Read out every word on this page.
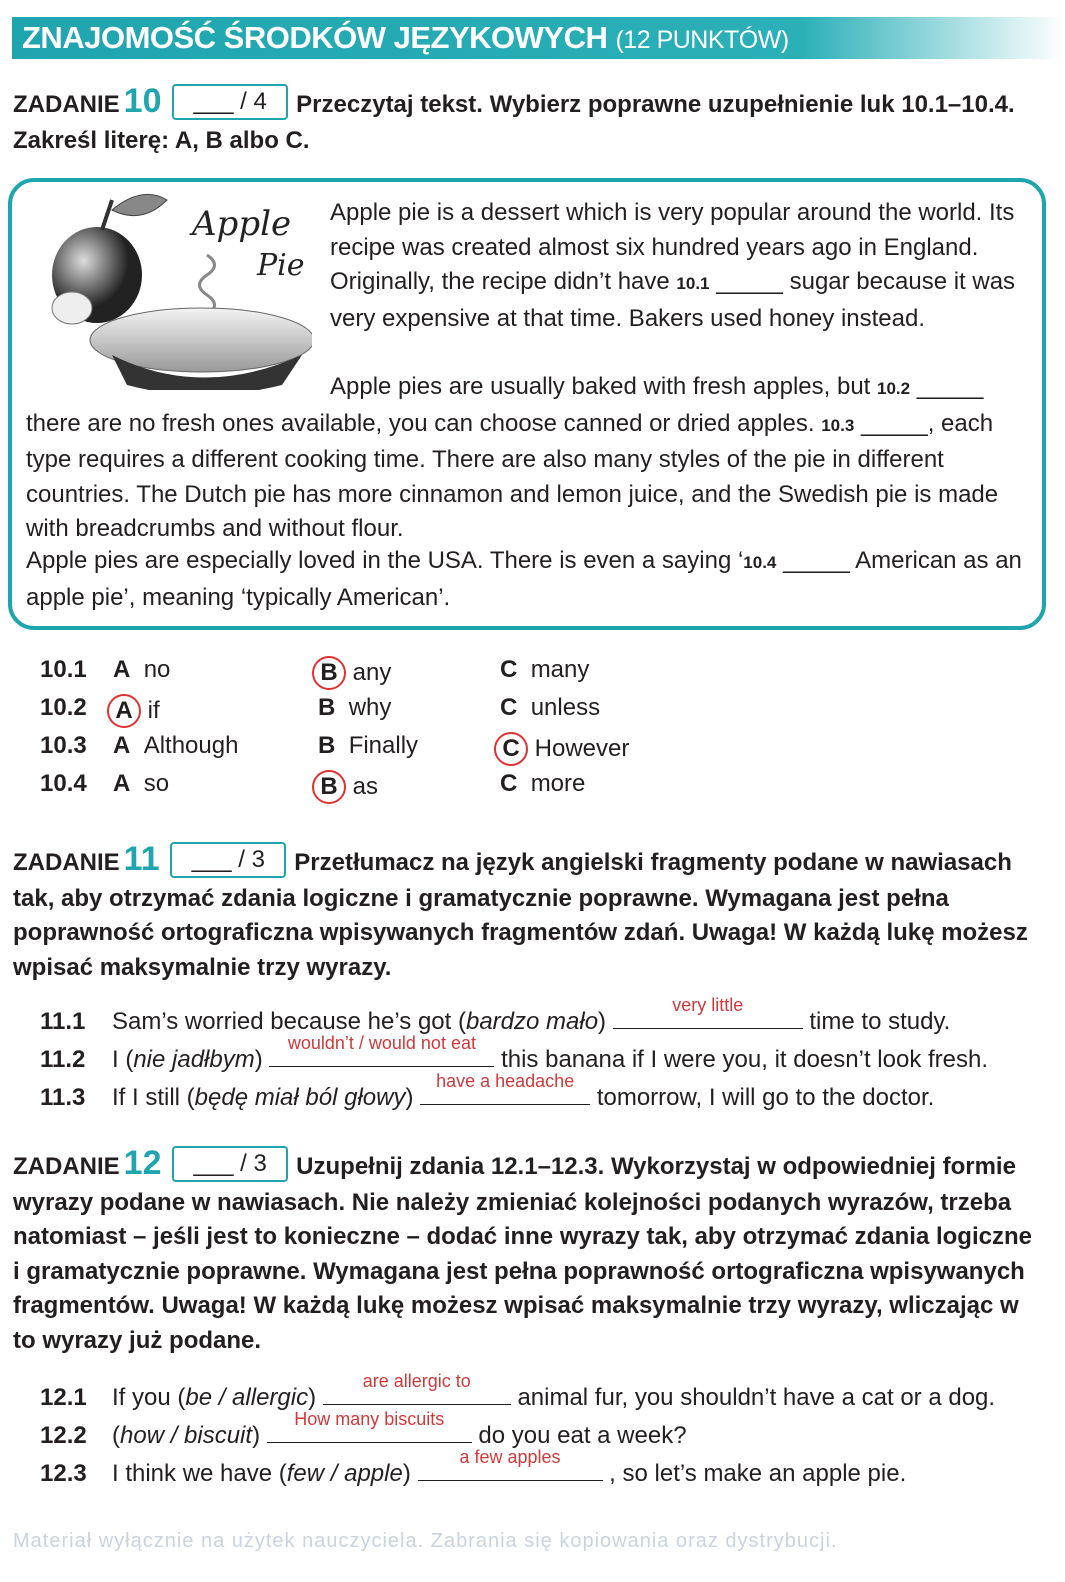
Materiał wyłącznie na użytek nauczyciela. Zabrania się kopiowania oraz dystrybucji.
ZNAJOMOŚĆ ŚRODKÓW JĘZYKOWYCH (12 PUNKTÓW)
ZADANIE 10 ___ / 4 Przeczytaj tekst. Wybierz poprawne uzupełnienie luk 10.1–10.4. Zakreśl literę: A, B albo C.
Apple
Pie
Apple pie is a dessert which is very popular around the world. Its recipe was created almost six hundred years ago in England. Originally, the recipe didn’t have 10.1 _____ sugar because it was very expensive at that time. Bakers used honey instead.
Apple pies are usually baked with fresh apples, but 10.2 _____ there are no fresh ones available, you can choose canned or dried apples. 10.3 _____, each type requires a different cooking time. There are also many styles of the pie in different countries. The Dutch pie has more cinnamon and lemon juice, and the Swedish pie is made with breadcrumbs and without flour.
Apple pies are especially loved in the USA. There is even a saying ‘10.4 _____ American as an apple pie’, meaning ‘typically American’.
10.1 A no	B any	C many
10.2 A if	B why	C unless
10.3 A Although	B Finally	C However
10.4 A so	B as	C more
ZADANIE 11 ___ / 3 Przetłumacz na język angielski fragmenty podane w nawiasach tak, aby otrzymać zdania logiczne i gramatycznie poprawne. Wymagana jest pełna poprawność ortograficzna wpisywanych fragmentów zdań. Uwaga! W każdą lukę możesz wpisać maksymalnie trzy wyrazy.
11.1 Sam’s worried because he’s got (bardzo mało)
very little
time to study.
11.2 I (nie jadłbym)
wouldn’t / would not eat
this banana if I were you, it doesn’t look fresh.
11.3 If I still (będę miał ból głowy)
have a headache
tomorrow, I will go to the doctor.
ZADANIE 12 ___ / 3 Uzupełnij zdania 12.1–12.3. Wykorzystaj w odpowiedniej formie wyrazy podane w nawiasach. Nie należy zmieniać kolejności podanych wyrazów, trzeba natomiast – jeśli jest to konieczne – dodać inne wyrazy tak, aby otrzymać zdania logiczne i gramatycznie poprawne. Wymagana jest pełna poprawność ortograficzna wpisywanych fragmentów. Uwaga! W każdą lukę możesz wpisać maksymalnie trzy wyrazy, wliczając w to wyrazy już podane.
12.1 If you (be / allergic)
are allergic to
animal fur, you shouldn’t have a cat or a dog.
12.2 (how / biscuit)
How many biscuits
do you eat a week?
12.3 I think we have (few / apple)
a few apples
, so let’s make an apple pie.
